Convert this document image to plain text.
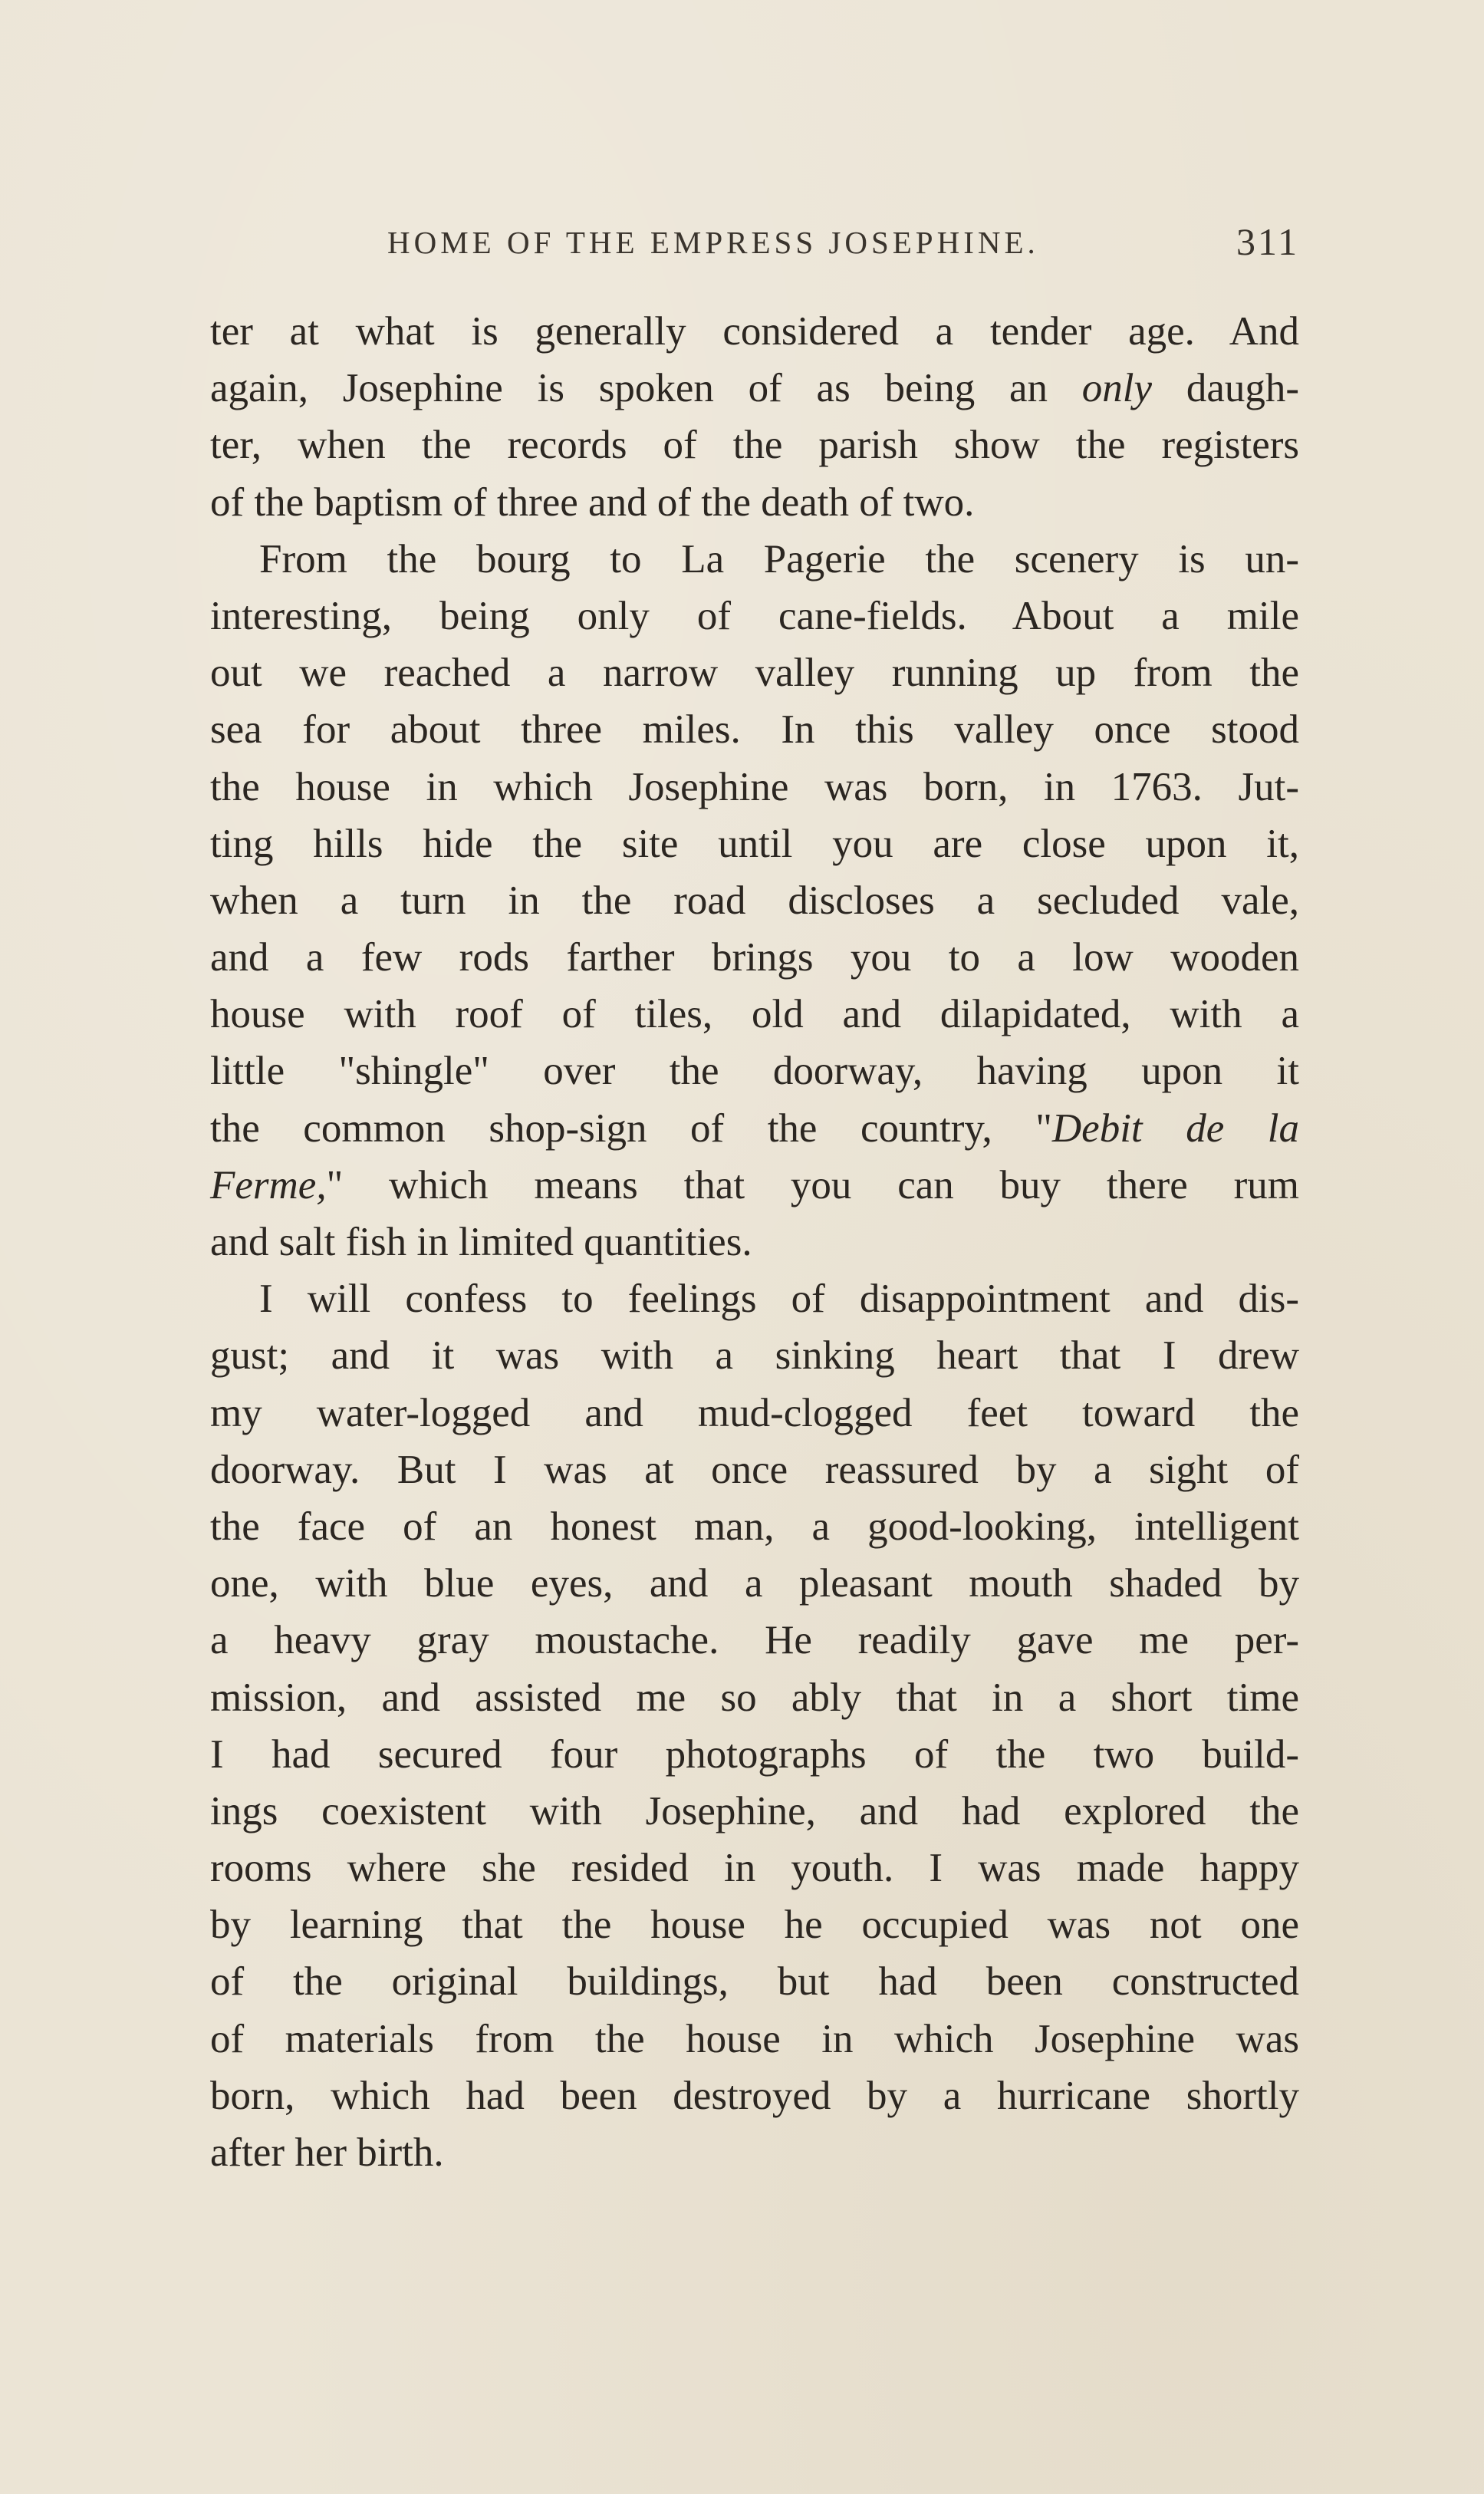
HOME OF THE EMPRESS JOSEPHINE.	311
ter at what is generally considered a tender age. And
again, Josephine is spoken of as being an only daugh-
ter, when the records of the parish show the registers
of the baptism of three and of the death of two.
From the bourg to La Pagerie the scenery is un-
interesting, being only of cane-fields. About a mile
out we reached a narrow valley running up from the
sea for about three miles. In this valley once stood
the house in which Josephine was born, in 1763. Jut-
ting hills hide the site until you are close upon it,
when a turn in the road discloses a secluded vale,
and a few rods farther brings you to a low wooden
house with roof of tiles, old and dilapidated, with a
little "shingle" over the doorway, having upon it
the common shop-sign of the country, "Debit de la
Ferme," which means that you can buy there rum
and salt fish in limited quantities.
I will confess to feelings of disappointment and dis-
gust; and it was with a sinking heart that I drew
my water-logged and mud-clogged feet toward the
doorway. But I was at once reassured by a sight of
the face of an honest man, a good-looking, intelligent
one, with blue eyes, and a pleasant mouth shaded by
a heavy gray moustache. He readily gave me per-
mission, and assisted me so ably that in a short time
I had secured four photographs of the two build-
ings coexistent with Josephine, and had explored the
rooms where she resided in youth. I was made happy
by learning that the house he occupied was not one
of the original buildings, but had been constructed
of materials from the house in which Josephine was
born, which had been destroyed by a hurricane shortly
after her birth.
